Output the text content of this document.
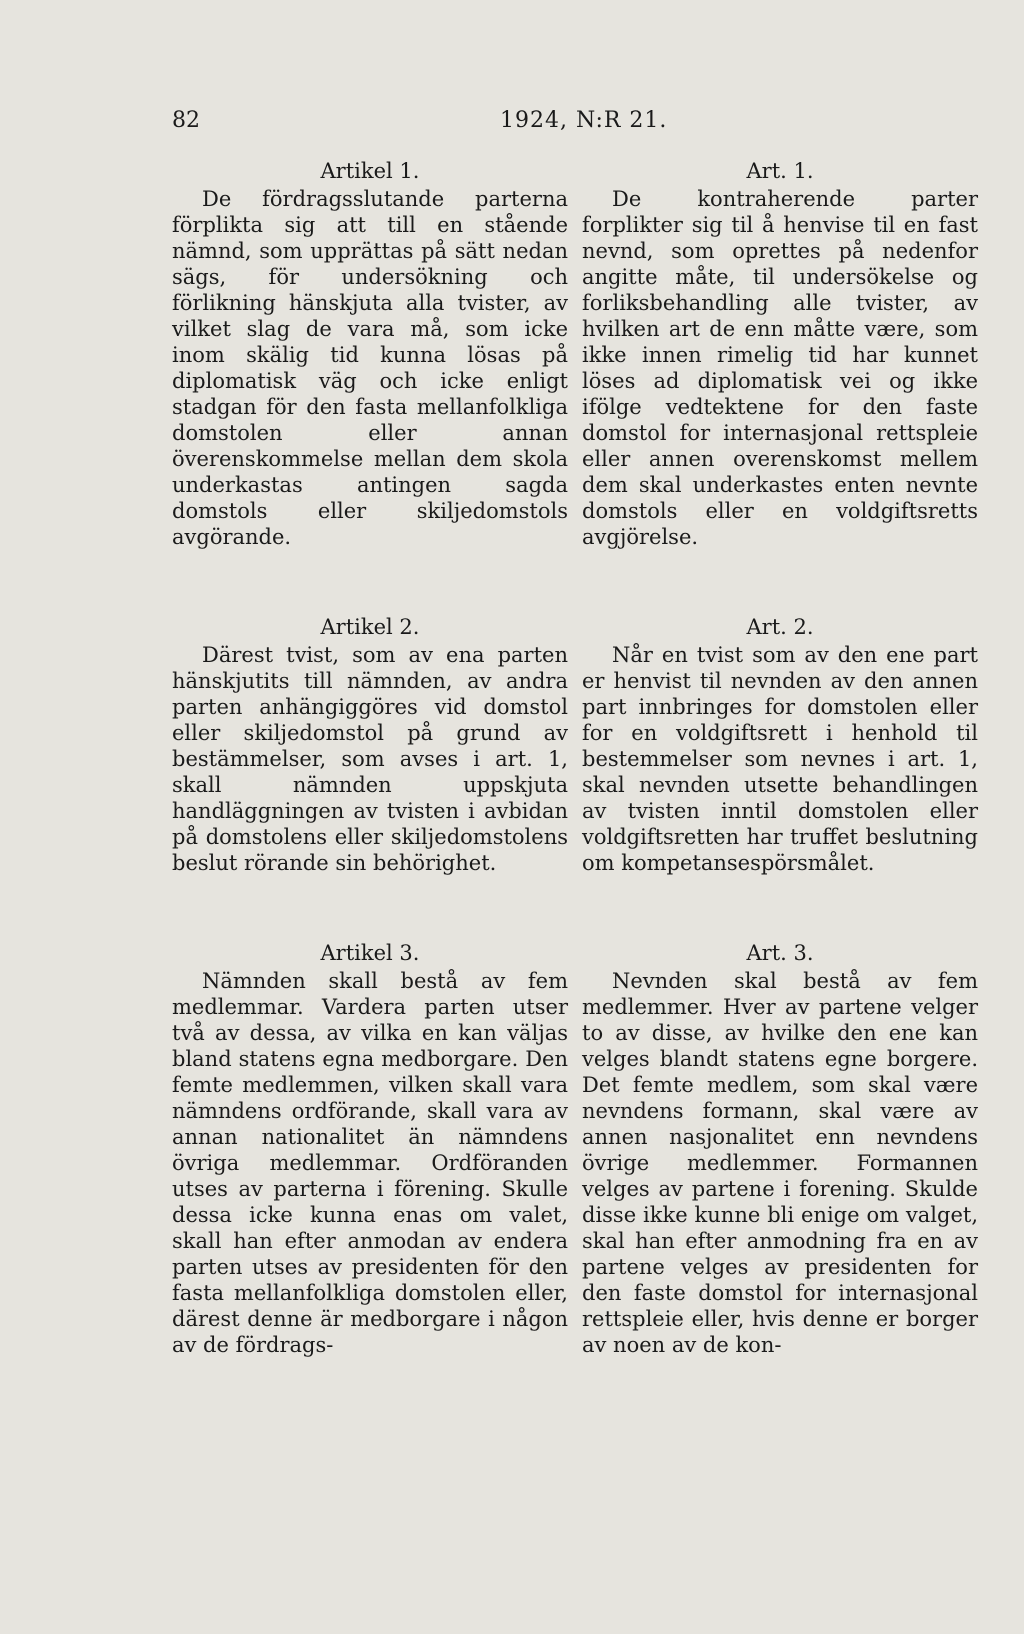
82	1924, N:R 21.
Artikel 1.

De fördragsslutande parterna förplikta sig att till en stående nämnd, som upprättas på sätt nedan sägs, för undersökning och förlikning hänskjuta alla tvister, av vilket slag de vara må, som icke inom skälig tid kunna lösas på diplomatisk väg och icke enligt stadgan för den fasta mellanfolkliga domstolen eller annan överenskommelse mellan dem skola underkastas antingen sagda domstols eller skiljedomstols avgörande.

Artikel 2.

Därest tvist, som av ena parten hänskjutits till nämnden, av andra parten anhängiggöres vid domstol eller skiljedomstol på grund av bestämmelser, som avses i art. 1, skall nämnden uppskjuta handläggningen av tvisten i avbidan på domstolens eller skiljedomstolens beslut rörande sin behörighet.

Artikel 3.

Nämnden skall bestå av fem medlemmar. Vardera parten utser två av dessa, av vilka en kan väljas bland statens egna medborgare. Den femte medlemmen, vilken skall vara nämndens ordförande, skall vara av annan nationalitet än nämndens övriga medlemmar. Ordföranden utses av parterna i förening. Skulle dessa icke kunna enas om valet, skall han efter anmodan av endera parten utses av presidenten för den fasta mellanfolkliga domstolen eller, därest denne är medborgare i någon av de fördrags-

Art. 1.

De kontraherende parter forplikter sig til å henvise til en fast nevnd, som oprettes på nedenfor angitte måte, til undersökelse og forliksbehandling alle tvister, av hvilken art de enn måtte være, som ikke innen rimelig tid har kunnet löses ad diplomatisk vei og ikke ifölge vedtektene for den faste domstol for internasjonal rettspleie eller annen overenskomst mellem dem skal underkastes enten nevnte domstols eller en voldgiftsretts avgjörelse.

Art. 2.

Når en tvist som av den ene part er henvist til nevnden av den annen part innbringes for domstolen eller for en voldgiftsrett i henhold til bestemmelser som nevnes i art. 1, skal nevnden utsette behandlingen av tvisten inntil domstolen eller voldgiftsretten har truffet beslutning om kompetansespörsmålet.

Art. 3.

Nevnden skal bestå av fem medlemmer. Hver av partene velger to av disse, av hvilke den ene kan velges blandt statens egne borgere. Det femte medlem, som skal være nevndens formann, skal være av annen nasjonalitet enn nevndens övrige medlemmer. Formannen velges av partene i forening. Skulde disse ikke kunne bli enige om valget, skal han efter anmodning fra en av partene velges av presidenten for den faste domstol for internasjonal rettspleie eller, hvis denne er borger av noen av de kon-
